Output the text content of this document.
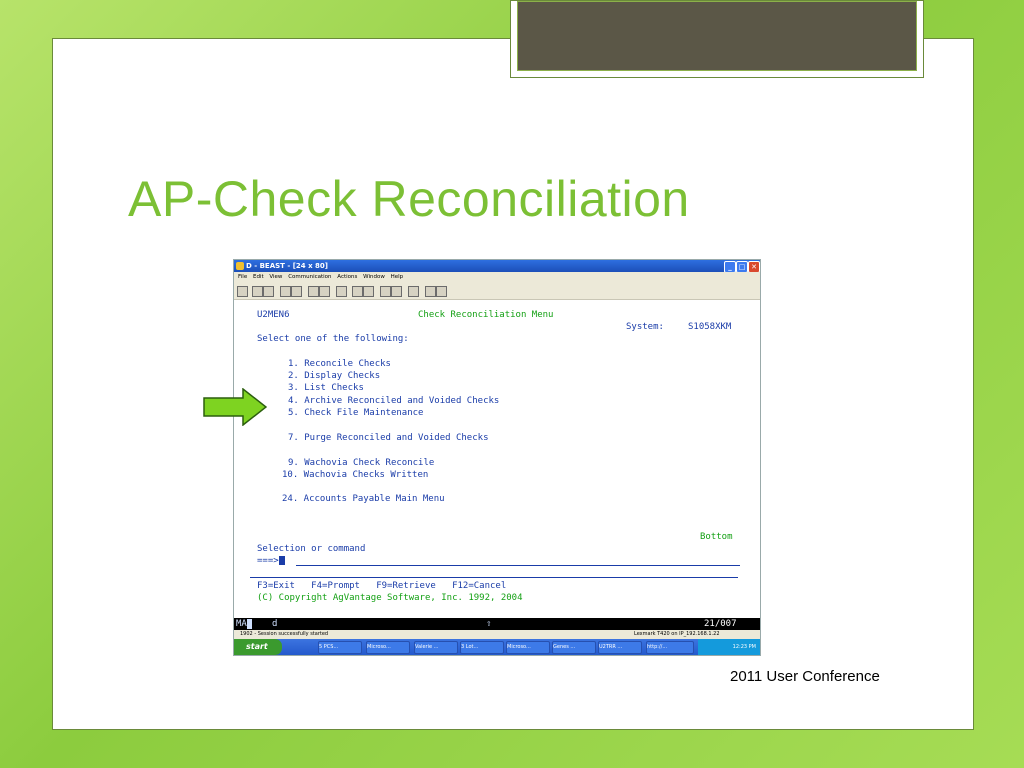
AP-Check Reconciliation
D - BEAST - [24 x 80]	_ □ ✕
File Edit View Communication Actions Window Help
U2MEN6	Check Reconciliation Menu
System:	S1058XKM
Select one of the following:
1. Reconcile Checks
2. Display Checks
3. List Checks
4. Archive Reconciled and Voided Checks
5. Check File Maintenance
7. Purge Reconciled and Voided Checks
9. Wachovia Check Reconcile
10. Wachovia Checks Written
24. Accounts Payable Main Menu
Bottom
Selection or command
===>
F3=Exit   F4=Prompt   F9=Retrieve   F12=Cancel
(C) Copyright AgVantage Software, Inc. 1992, 2004
MA	d	⇧	21/007
1902 - Session successfully started	Lexmark T420 on IP_192.168.1.22
start	5 PCS...	Microso...	Valerie ...	3 Lot...	Microso...	Genes ...	U2TRR ...	http://...	12:23 PM
2011 User Conference
